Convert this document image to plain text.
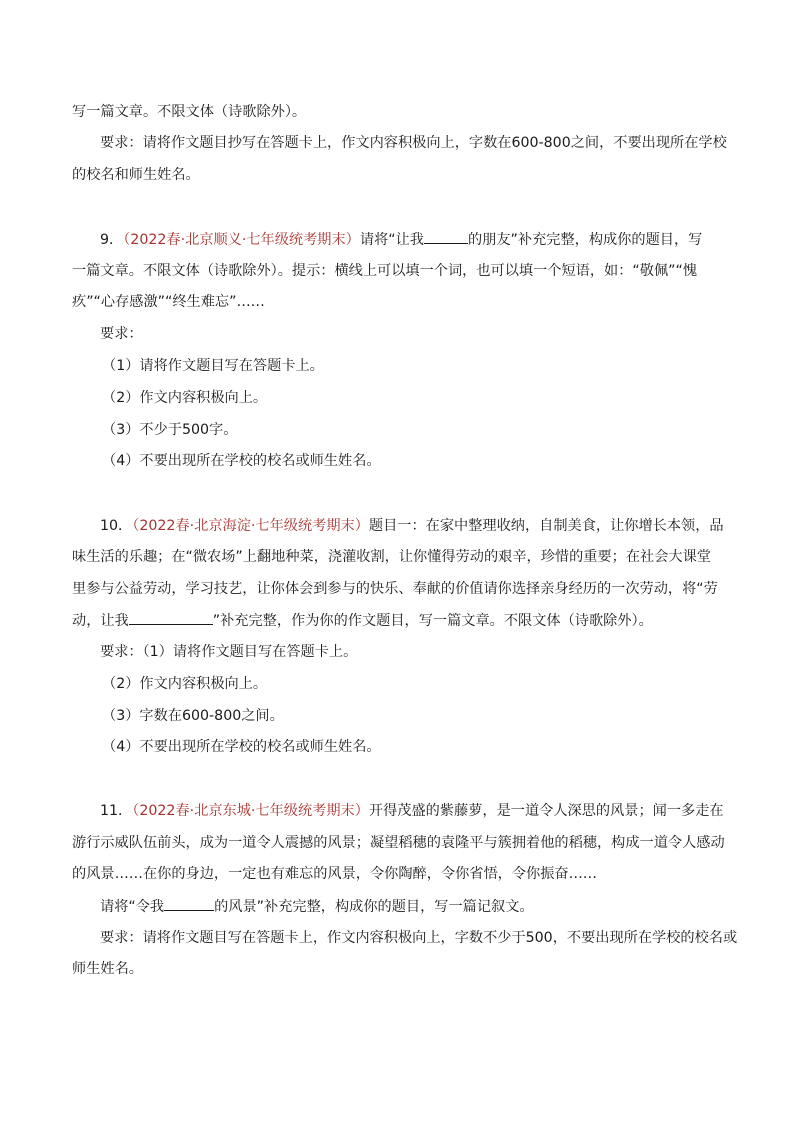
写一篇文章。不限文体（诗歌除外）。
要求：请将作文题目抄写在答题卡上，作文内容积极向上，字数在600-800之间，不要出现所在学校
的校名和师生姓名。
9．（2022春·北京顺义·七年级统考期末）请将“让我	的朋友”补充完整，构成你的题目，写
一篇文章。不限文体（诗歌除外）。提示：横线上可以填一个词，也可以填一个短语，如：“敬佩”“愧
疚”“心存感激”“终生难忘”……
要求：
（1）请将作文题目写在答题卡上。
（2）作文内容积极向上。
（3）不少于500字。
（4）不要出现所在学校的校名或师生姓名。
10．（2022春·北京海淀·七年级统考期末）题目一：在家中整理收纳，自制美食，让你增长本领，品
味生活的乐趣；在“微农场”上翻地种菜，浇灌收割，让你懂得劳动的艰辛，珍惜的重要；在社会大课堂
里参与公益劳动，学习技艺，让你体会到参与的快乐、奉献的价值请你选择亲身经历的一次劳动，将“劳
动，让我	”补充完整，作为你的作文题目，写一篇文章。不限文体（诗歌除外）。
要求：（1）请将作文题目写在答题卡上。
（2）作文内容积极向上。
（3）字数在600-800之间。
（4）不要出现所在学校的校名或师生姓名。
11．（2022春·北京东城·七年级统考期末）开得茂盛的紫藤萝，是一道令人深思的风景；闻一多走在
游行示威队伍前头，成为一道令人震撼的风景；凝望稻穗的袁隆平与簇拥着他的稻穗，构成一道令人感动
的风景……在你的身边，一定也有难忘的风景，令你陶醉，令你省悟，令你振奋……
请将“令我	的风景”补充完整，构成你的题目，写一篇记叙文。
要求：请将作文题目写在答题卡上，作文内容积极向上，字数不少于500，不要出现所在学校的校名或
师生姓名。
